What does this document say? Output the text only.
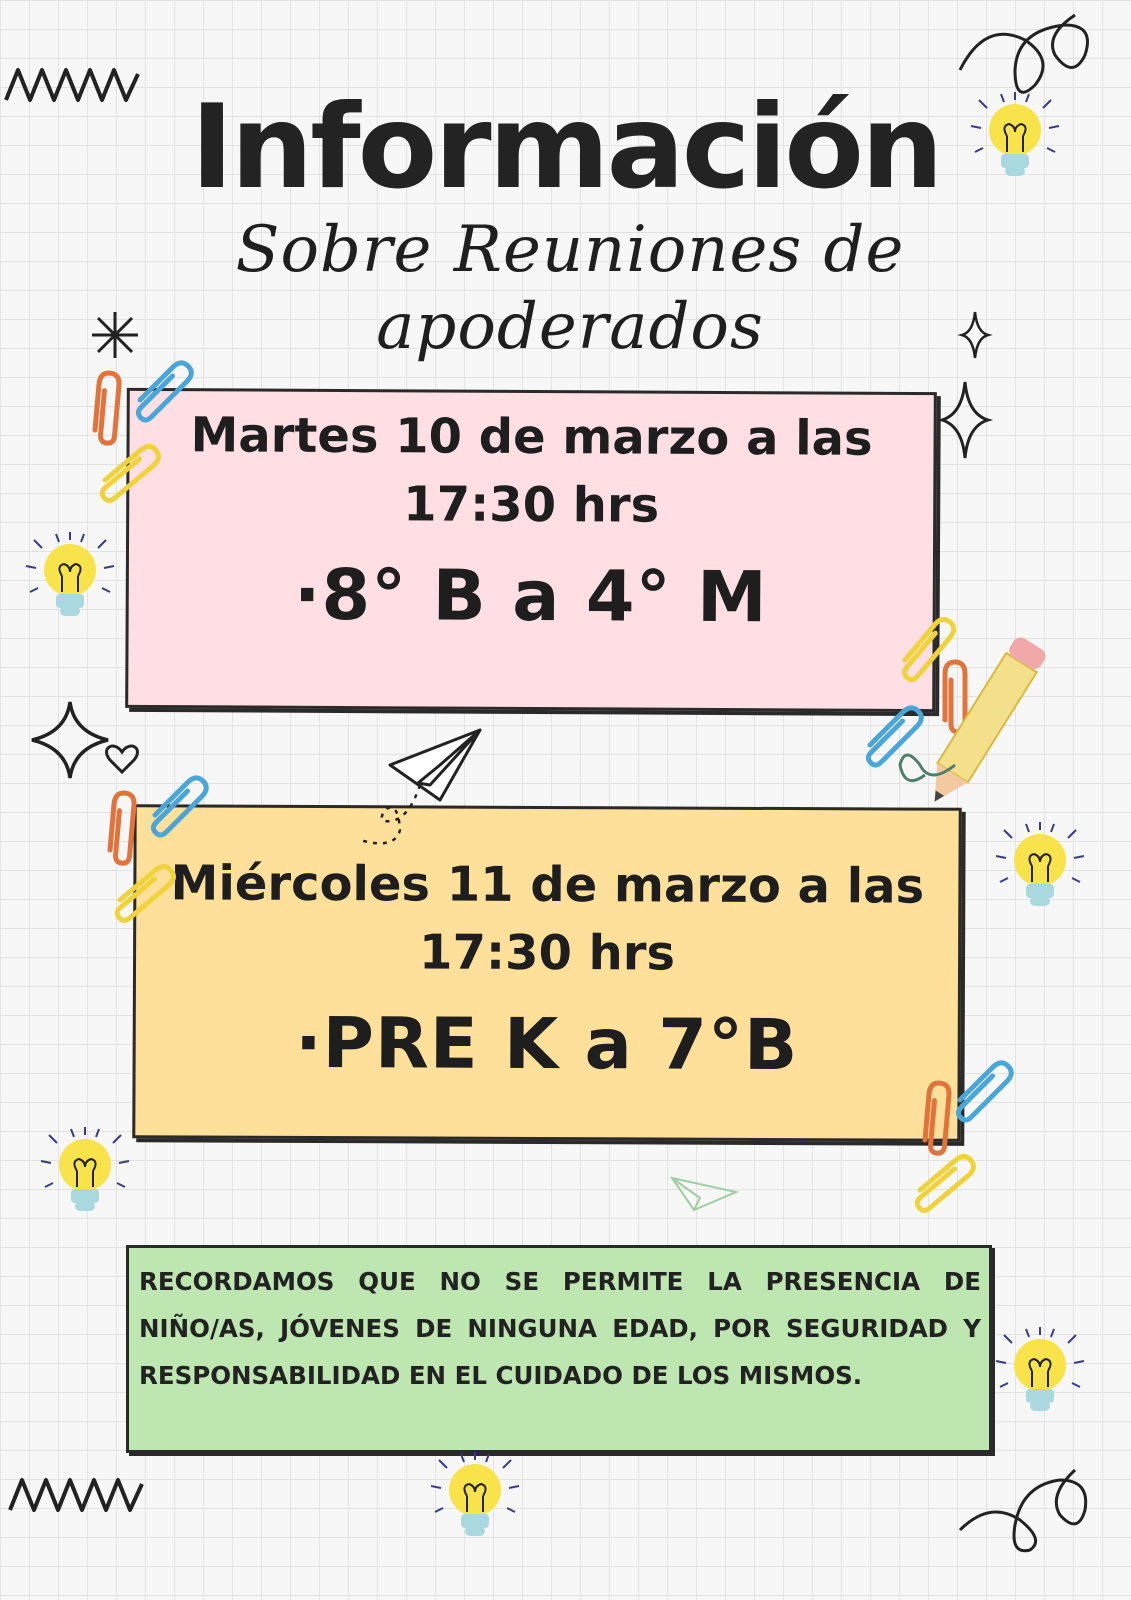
Información
Sobre Reuniones de apoderados
Martes 10 de marzo a las 17:30 hrs
·8° B a 4° M
Miércoles 11 de marzo a las 17:30 hrs
·PRE K a 7°B
RECORDAMOS QUE NO SE PERMITE LA PRESENCIA DE NIÑO/AS, JÓVENES DE NINGUNA EDAD, POR SEGURIDAD Y RESPONSABILIDAD EN EL CUIDADO DE LOS MISMOS.
